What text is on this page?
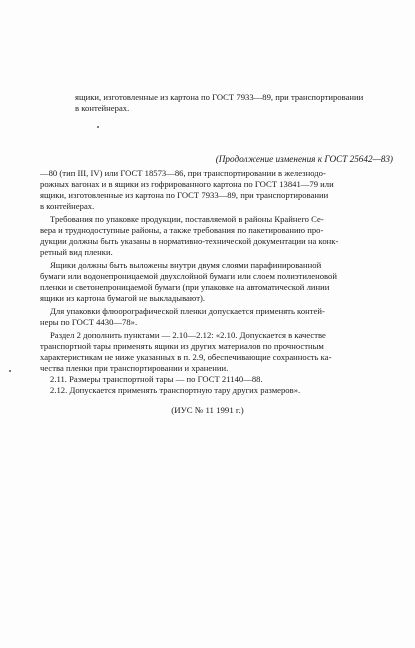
ящики, изготовленные из картона по ГОСТ 7933—89, при транспортировании
в контейнерах.
(Продолжение изменения к ГОСТ 25642—83)
—80 (тип III, IV) или ГОСТ 18573—86, при транспортировании в железнодо-
рожных вагонах и в ящики из гофрированного картона по ГОСТ 13841—79 или
ящики, изготовленные из картона по ГОСТ 7933—89, при транспортировании
в контейнерах.
Требования по упаковке продукции, поставляемой в районы Крайнего Се-
вера и труднодоступные районы, а также требования по пакетированию про-
дукции должны быть указаны в нормативно-технической документации на конк-
ретный вид пленки.
Ящики должны быть выложены внутри двумя слоями парафинированной
бумаги или водонепроницаемой двухслойной бумаги или слоем полиэтиленовой
пленки и светонепроницаемой бумаги (при упаковке на автоматической линии
ящики из картона бумагой не выкладывают).
Для упаковки флюорографической пленки допускается применять контей-
неры по ГОСТ 4430—78».
Раздел 2 дополнить пунктами — 2.10—2.12: «2.10. Допускается в качестве
транспортной тары применять ящики из других материалов по прочностным
характеристикам не ниже указанных в п. 2.9, обеспечивающие сохранность ка-
чества пленки при транспортировании и хранении.
2.11. Размеры транспортной тары — по ГОСТ 21140—88.
2.12. Допускается применять транспортную тару других размеров».
(ИУС № 11 1991 г.)
